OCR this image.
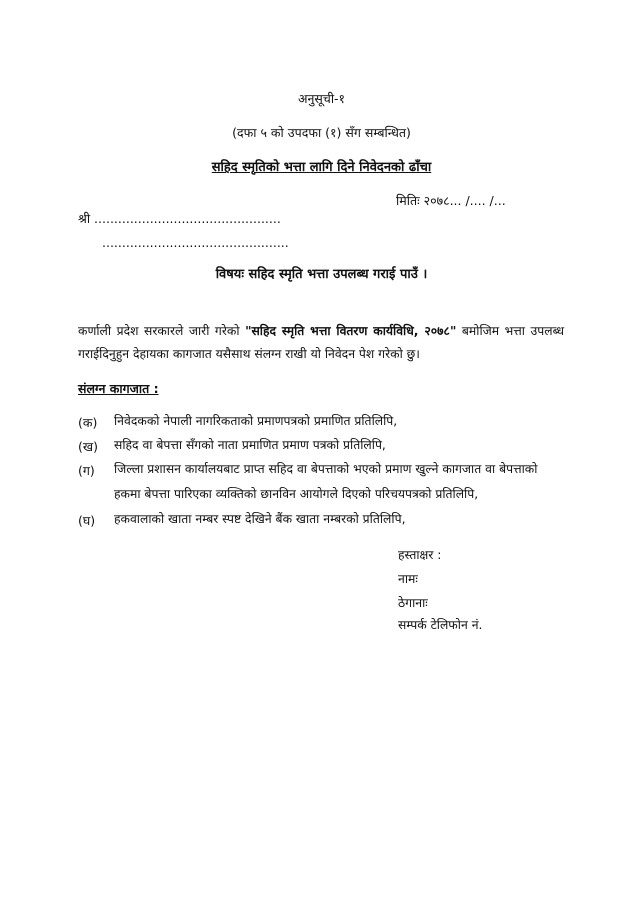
अनुसूची-१
(दफा ५ को उपदफा (१) सँग सम्बन्धित)
सहिद स्मृतिको भत्ता लागि दिने निवेदनको ढाँचा
मितिः २०७८... /.... /...
श्री ...............................................
...............................................
विषयः सहिद स्मृति भत्ता उपलब्ध गराई पाउँ ।
कर्णाली प्रदेश सरकारले जारी गरेको "सहिद स्मृति भत्ता वितरण कार्यविधि, २०७८" बमोजिम भत्ता उपलब्ध गराईदिनुहुन देहायका कागजात यसैसाथ संलग्न राखी यो निवेदन पेश गरेको छु।
संलग्न कागजात :
(क)	निवेदकको नेपाली नागरिकताको प्रमाणपत्रको प्रमाणित प्रतिलिपि,
(ख)	सहिद वा बेपत्ता सँगको नाता प्रमाणित प्रमाण पत्रको प्रतिलिपि,
(ग)	जिल्ला प्रशासन कार्यालयबाट प्राप्त सहिद वा बेपत्ताको भएको प्रमाण खुल्ने कागजात वा बेपत्ताको हकमा बेपत्ता पारिएका व्यक्तिको छानविन आयोगले दिएको परिचयपत्रको प्रतिलिपि,
(घ)	हकवालाको खाता नम्बर स्पष्ट देखिने बैंक खाता नम्बरको प्रतिलिपि,
हस्ताक्षर :
नामः
ठेगानाः
सम्पर्क टेलिफोन नं.
